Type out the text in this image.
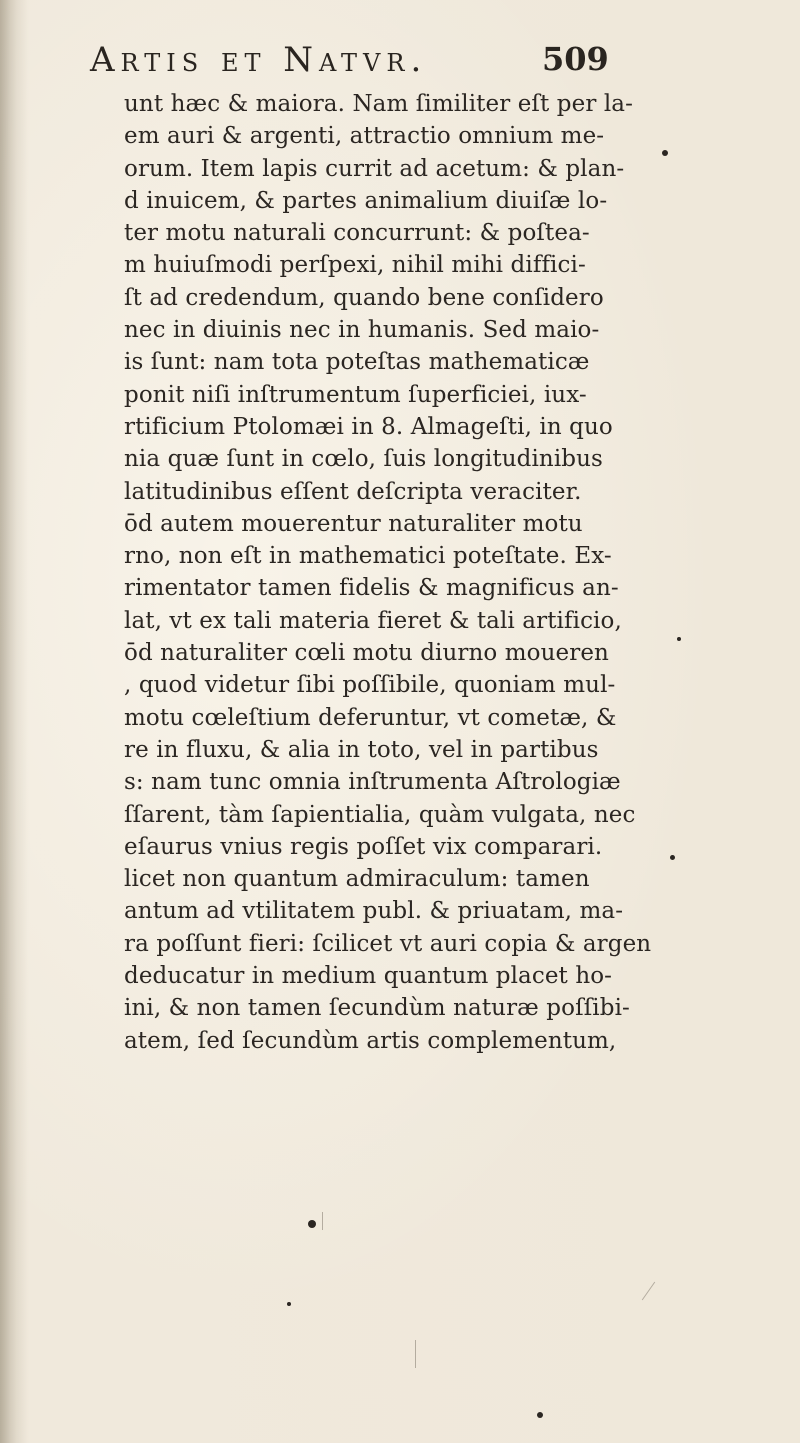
Artis et Natvr.	509
unt hæc & maiora. Nam ſimiliter eſt per la-
em auri & argenti, attractio omnium me-
orum. Item lapis currit ad acetum: & plan-
d inuicem, & partes animalium diuiſæ lo-
ter motu naturali concurrunt: & poſtea-
m huiuſmodi perſpexi, nihil mihi diffici-
ſt ad credendum, quando bene conſidero
nec in diuinis nec in humanis. Sed maio-
is ſunt: nam tota poteſtas mathematicæ
ponit niſi inſtrumentum ſuperficiei, iux-
rtificium Ptolomæi in 8. Almageſti, in quo
nia quæ ſunt in cœlo, ſuis longitudinibus
latitudinibus eſſent deſcripta veraciter.
ōd autem mouerentur naturaliter motu
rno, non eſt in mathematici poteſtate. Ex-
rimentator tamen fidelis & magnificus an-
lat, vt ex tali materia fieret & tali artificio,
ōd naturaliter cœli motu diurno moueren
, quod videtur ſibi poſſibile, quoniam mul-
motu cœleſtium deferuntur, vt cometæ, &
re in fluxu, & alia in toto, vel in partibus
s: nam tunc omnia inſtrumenta Aſtrologiæ
ſſarent, tàm ſapientialia, quàm vulgata, nec
eſaurus vnius regis poſſet vix comparari.
licet non quantum admiraculum: tamen
antum ad vtilitatem publ. & priuatam, ma-
ra poſſunt fieri: ſcilicet vt auri copia & argen
deducatur in medium quantum placet ho-
ini, & non tamen ſecundùm naturæ poſſibi-
atem, ſed ſecundùm artis complementum,
